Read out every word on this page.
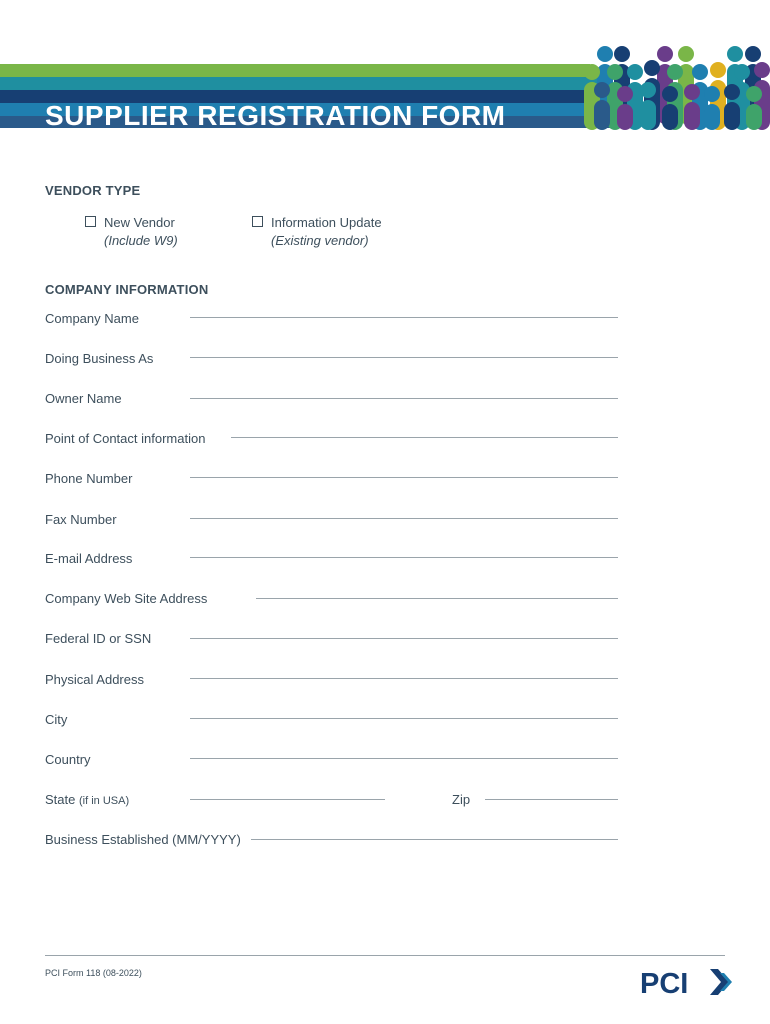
SUPPLIER REGISTRATION FORM
VENDOR TYPE
New Vendor
(Include W9)
Information Update
(Existing vendor)
COMPANY INFORMATION
Company Name
Doing Business As
Owner Name
Point of Contact information
Phone Number
Fax Number
E-mail Address
Company Web Site Address
Federal ID or SSN
Physical Address
City
Country
State (if in USA)	Zip
Business Established (MM/YYYY)
PCI Form 118 (08-2022)	PCI
